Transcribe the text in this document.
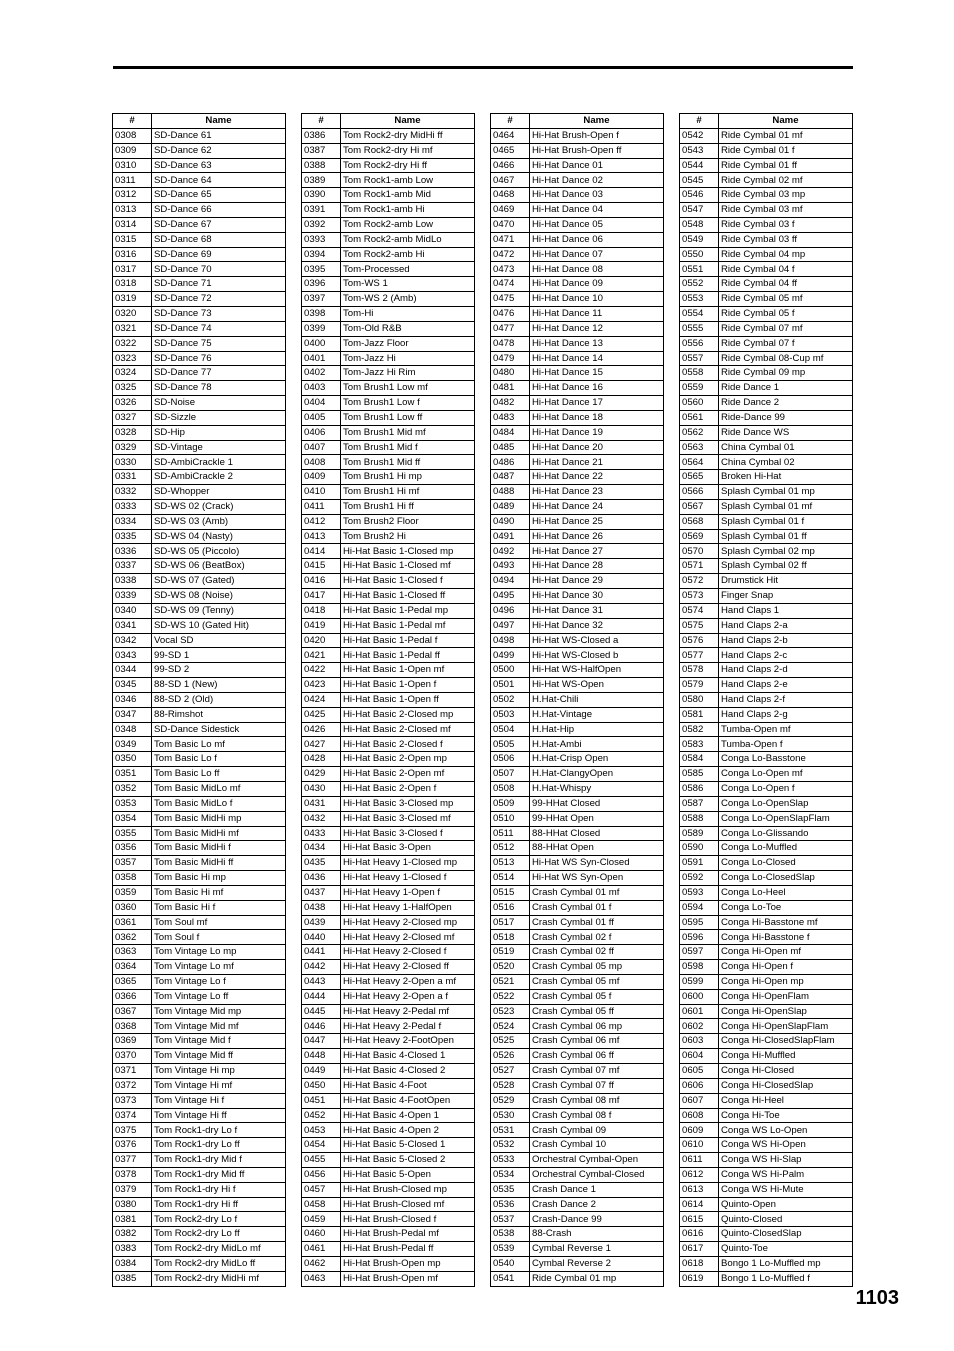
#	Name
0308	SD-Dance 61
0309	SD-Dance 62
0310	SD-Dance 63
0311	SD-Dance 64
0312	SD-Dance 65
0313	SD-Dance 66
0314	SD-Dance 67
0315	SD-Dance 68
0316	SD-Dance 69
0317	SD-Dance 70
0318	SD-Dance 71
0319	SD-Dance 72
0320	SD-Dance 73
0321	SD-Dance 74
0322	SD-Dance 75
0323	SD-Dance 76
0324	SD-Dance 77
0325	SD-Dance 78
0326	SD-Noise
0327	SD-Sizzle
0328	SD-Hip
0329	SD-Vintage
0330	SD-AmbiCrackle 1
0331	SD-AmbiCrackle 2
0332	SD-Whopper
0333	SD-WS 02 (Crack)
0334	SD-WS 03 (Amb)
0335	SD-WS 04 (Nasty)
0336	SD-WS 05 (Piccolo)
0337	SD-WS 06 (BeatBox)
0338	SD-WS 07 (Gated)
0339	SD-WS 08 (Noise)
0340	SD-WS 09 (Tenny)
0341	SD-WS 10 (Gated Hit)
0342	Vocal SD
0343	99-SD 1
0344	99-SD 2
0345	88-SD 1 (New)
0346	88-SD 2 (Old)
0347	88-Rimshot
0348	SD-Dance Sidestick
0349	Tom Basic Lo mf
0350	Tom Basic Lo f
0351	Tom Basic Lo ff
0352	Tom Basic MidLo mf
0353	Tom Basic MidLo f
0354	Tom Basic MidHi mp
0355	Tom Basic MidHi mf
0356	Tom Basic MidHi f
0357	Tom Basic MidHi ff
0358	Tom Basic Hi mp
0359	Tom Basic Hi mf
0360	Tom Basic Hi f
0361	Tom Soul mf
0362	Tom Soul f
0363	Tom Vintage Lo mp
0364	Tom Vintage Lo mf
0365	Tom Vintage Lo f
0366	Tom Vintage Lo ff
0367	Tom Vintage Mid mp
0368	Tom Vintage Mid mf
0369	Tom Vintage Mid f
0370	Tom Vintage Mid ff
0371	Tom Vintage Hi mp
0372	Tom Vintage Hi mf
0373	Tom Vintage Hi f
0374	Tom Vintage Hi ff
0375	Tom Rock1-dry Lo f
0376	Tom Rock1-dry Lo ff
0377	Tom Rock1-dry Mid f
0378	Tom Rock1-dry Mid ff
0379	Tom Rock1-dry Hi f
0380	Tom Rock1-dry Hi ff
0381	Tom Rock2-dry Lo f
0382	Tom Rock2-dry Lo ff
0383	Tom Rock2-dry MidLo mf
0384	Tom Rock2-dry MidLo ff
0385	Tom Rock2-dry MidHi mf
#	Name
0386	Tom Rock2-dry MidHi ff
0387	Tom Rock2-dry Hi mf
0388	Tom Rock2-dry Hi ff
0389	Tom Rock1-amb Low
0390	Tom Rock1-amb Mid
0391	Tom Rock1-amb Hi
0392	Tom Rock2-amb Low
0393	Tom Rock2-amb MidLo
0394	Tom Rock2-amb Hi
0395	Tom-Processed
0396	Tom-WS 1
0397	Tom-WS 2 (Amb)
0398	Tom-Hi
0399	Tom-Old R&B
0400	Tom-Jazz Floor
0401	Tom-Jazz Hi
0402	Tom-Jazz Hi Rim
0403	Tom Brush1 Low mf
0404	Tom Brush1 Low f
0405	Tom Brush1 Low ff
0406	Tom Brush1 Mid mf
0407	Tom Brush1 Mid f
0408	Tom Brush1 Mid ff
0409	Tom Brush1 Hi mp
0410	Tom Brush1 Hi mf
0411	Tom Brush1 Hi ff
0412	Tom Brush2 Floor
0413	Tom Brush2 Hi
0414	Hi-Hat Basic 1-Closed mp
0415	Hi-Hat Basic 1-Closed mf
0416	Hi-Hat Basic 1-Closed f
0417	Hi-Hat Basic 1-Closed ff
0418	Hi-Hat Basic 1-Pedal mp
0419	Hi-Hat Basic 1-Pedal mf
0420	Hi-Hat Basic 1-Pedal f
0421	Hi-Hat Basic 1-Pedal ff
0422	Hi-Hat Basic 1-Open mf
0423	Hi-Hat Basic 1-Open f
0424	Hi-Hat Basic 1-Open ff
0425	Hi-Hat Basic 2-Closed mp
0426	Hi-Hat Basic 2-Closed mf
0427	Hi-Hat Basic 2-Closed f
0428	Hi-Hat Basic 2-Open mp
0429	Hi-Hat Basic 2-Open mf
0430	Hi-Hat Basic 2-Open f
0431	Hi-Hat Basic 3-Closed mp
0432	Hi-Hat Basic 3-Closed mf
0433	Hi-Hat Basic 3-Closed f
0434	Hi-Hat Basic 3-Open
0435	Hi-Hat Heavy 1-Closed mp
0436	Hi-Hat Heavy 1-Closed f
0437	Hi-Hat Heavy 1-Open f
0438	Hi-Hat Heavy 1-HalfOpen
0439	Hi-Hat Heavy 2-Closed mp
0440	Hi-Hat Heavy 2-Closed mf
0441	Hi-Hat Heavy 2-Closed f
0442	Hi-Hat Heavy 2-Closed ff
0443	Hi-Hat Heavy 2-Open a mf
0444	Hi-Hat Heavy 2-Open a f
0445	Hi-Hat Heavy 2-Pedal mf
0446	Hi-Hat Heavy 2-Pedal f
0447	Hi-Hat Heavy 2-FootOpen
0448	Hi-Hat Basic 4-Closed 1
0449	Hi-Hat Basic 4-Closed 2
0450	Hi-Hat Basic 4-Foot
0451	Hi-Hat Basic 4-FootOpen
0452	Hi-Hat Basic 4-Open 1
0453	Hi-Hat Basic 4-Open 2
0454	Hi-Hat Basic 5-Closed 1
0455	Hi-Hat Basic 5-Closed 2
0456	Hi-Hat Basic 5-Open
0457	Hi-Hat Brush-Closed mp
0458	Hi-Hat Brush-Closed mf
0459	Hi-Hat Brush-Closed f
0460	Hi-Hat Brush-Pedal mf
0461	Hi-Hat Brush-Pedal ff
0462	Hi-Hat Brush-Open mp
0463	Hi-Hat Brush-Open mf
#	Name
0464	Hi-Hat Brush-Open f
0465	Hi-Hat Brush-Open ff
0466	Hi-Hat Dance 01
0467	Hi-Hat Dance 02
0468	Hi-Hat Dance 03
0469	Hi-Hat Dance 04
0470	Hi-Hat Dance 05
0471	Hi-Hat Dance 06
0472	Hi-Hat Dance 07
0473	Hi-Hat Dance 08
0474	Hi-Hat Dance 09
0475	Hi-Hat Dance 10
0476	Hi-Hat Dance 11
0477	Hi-Hat Dance 12
0478	Hi-Hat Dance 13
0479	Hi-Hat Dance 14
0480	Hi-Hat Dance 15
0481	Hi-Hat Dance 16
0482	Hi-Hat Dance 17
0483	Hi-Hat Dance 18
0484	Hi-Hat Dance 19
0485	Hi-Hat Dance 20
0486	Hi-Hat Dance 21
0487	Hi-Hat Dance 22
0488	Hi-Hat Dance 23
0489	Hi-Hat Dance 24
0490	Hi-Hat Dance 25
0491	Hi-Hat Dance 26
0492	Hi-Hat Dance 27
0493	Hi-Hat Dance 28
0494	Hi-Hat Dance 29
0495	Hi-Hat Dance 30
0496	Hi-Hat Dance 31
0497	Hi-Hat Dance 32
0498	Hi-Hat WS-Closed a
0499	Hi-Hat WS-Closed b
0500	Hi-Hat WS-HalfOpen
0501	Hi-Hat WS-Open
0502	H.Hat-Chili
0503	H.Hat-Vintage
0504	H.Hat-Hip
0505	H.Hat-Ambi
0506	H.Hat-Crisp Open
0507	H.Hat-ClangyOpen
0508	H.Hat-Whispy
0509	99-HHat Closed
0510	99-HHat Open
0511	88-HHat Closed
0512	88-HHat Open
0513	Hi-Hat WS Syn-Closed
0514	Hi-Hat WS Syn-Open
0515	Crash Cymbal 01 mf
0516	Crash Cymbal 01 f
0517	Crash Cymbal 01 ff
0518	Crash Cymbal 02 f
0519	Crash Cymbal 02 ff
0520	Crash Cymbal 05 mp
0521	Crash Cymbal 05 mf
0522	Crash Cymbal 05 f
0523	Crash Cymbal 05 ff
0524	Crash Cymbal 06 mp
0525	Crash Cymbal 06 mf
0526	Crash Cymbal 06 ff
0527	Crash Cymbal 07 mf
0528	Crash Cymbal 07 ff
0529	Crash Cymbal 08 mf
0530	Crash Cymbal 08 f
0531	Crash Cymbal 09
0532	Crash Cymbal 10
0533	Orchestral Cymbal-Open
0534	Orchestral Cymbal-Closed
0535	Crash Dance 1
0536	Crash Dance 2
0537	Crash-Dance 99
0538	88-Crash
0539	Cymbal Reverse 1
0540	Cymbal Reverse 2
0541	Ride Cymbal 01 mp
#	Name
0542	Ride Cymbal 01 mf
0543	Ride Cymbal 01 f
0544	Ride Cymbal 01 ff
0545	Ride Cymbal 02 mf
0546	Ride Cymbal 03 mp
0547	Ride Cymbal 03 mf
0548	Ride Cymbal 03 f
0549	Ride Cymbal 03 ff
0550	Ride Cymbal 04 mp
0551	Ride Cymbal 04 f
0552	Ride Cymbal 04 ff
0553	Ride Cymbal 05 mf
0554	Ride Cymbal 05 f
0555	Ride Cymbal 07 mf
0556	Ride Cymbal 07 f
0557	Ride Cymbal 08-Cup mf
0558	Ride Cymbal 09 mp
0559	Ride Dance 1
0560	Ride Dance 2
0561	Ride-Dance 99
0562	Ride Dance WS
0563	China Cymbal 01
0564	China Cymbal 02
0565	Broken Hi-Hat
0566	Splash Cymbal 01 mp
0567	Splash Cymbal 01 mf
0568	Splash Cymbal 01 f
0569	Splash Cymbal 01 ff
0570	Splash Cymbal 02 mp
0571	Splash Cymbal 02 ff
0572	Drumstick Hit
0573	Finger Snap
0574	Hand Claps 1
0575	Hand Claps 2-a
0576	Hand Claps 2-b
0577	Hand Claps 2-c
0578	Hand Claps 2-d
0579	Hand Claps 2-e
0580	Hand Claps 2-f
0581	Hand Claps 2-g
0582	Tumba-Open mf
0583	Tumba-Open f
0584	Conga Lo-Basstone
0585	Conga Lo-Open mf
0586	Conga Lo-Open f
0587	Conga Lo-OpenSlap
0588	Conga Lo-OpenSlapFlam
0589	Conga Lo-Glissando
0590	Conga Lo-Muffled
0591	Conga Lo-Closed
0592	Conga Lo-ClosedSlap
0593	Conga Lo-Heel
0594	Conga Lo-Toe
0595	Conga Hi-Basstone mf
0596	Conga Hi-Basstone f
0597	Conga Hi-Open mf
0598	Conga Hi-Open f
0599	Conga Hi-Open mp
0600	Conga Hi-OpenFlam
0601	Conga Hi-OpenSlap
0602	Conga Hi-OpenSlapFlam
0603	Conga Hi-ClosedSlapFlam
0604	Conga Hi-Muffled
0605	Conga Hi-Closed
0606	Conga Hi-ClosedSlap
0607	Conga Hi-Heel
0608	Conga Hi-Toe
0609	Conga WS Lo-Open
0610	Conga WS Hi-Open
0611	Conga WS Hi-Slap
0612	Conga WS Hi-Palm
0613	Conga WS Hi-Mute
0614	Quinto-Open
0615	Quinto-Closed
0616	Quinto-ClosedSlap
0617	Quinto-Toe
0618	Bongo 1 Lo-Muffled mp
0619	Bongo 1 Lo-Muffled f
1103
